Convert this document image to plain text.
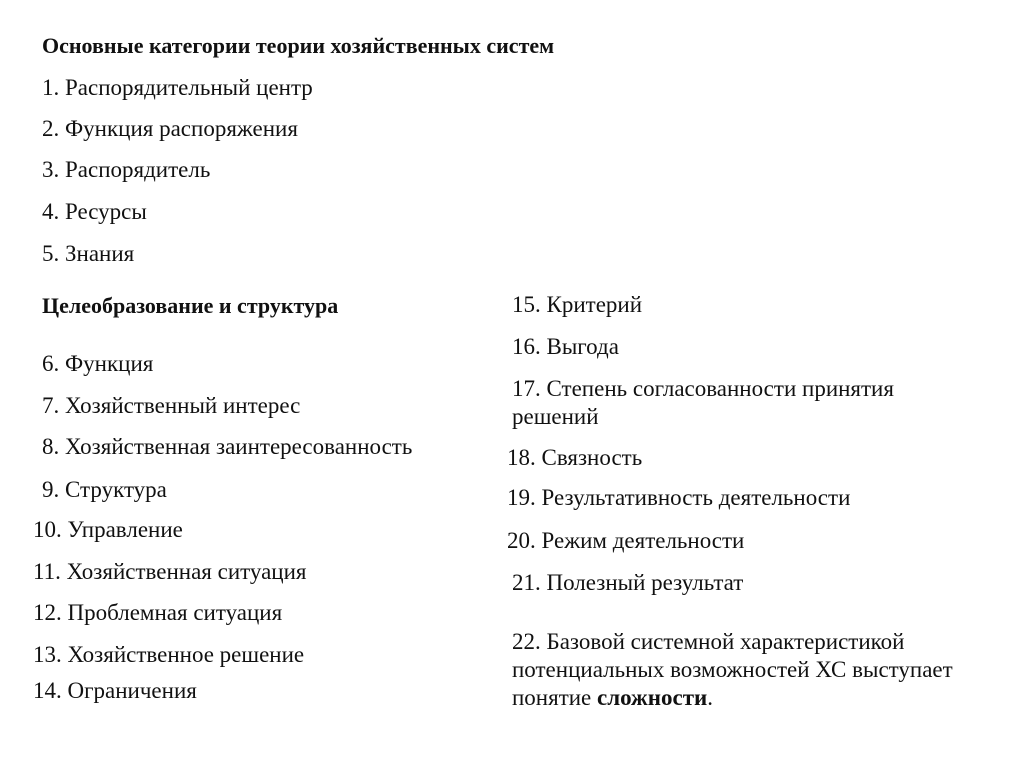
Основные категории теории хозяйственных систем
1. Распорядительный центр
2. Функция распоряжения
3. Распорядитель
4. Ресурсы
5. Знания
Целеобразование и структура
6. Функция
7. Хозяйственный интерес
8. Хозяйственная заинтересованность
9. Структура
10. Управление
11. Хозяйственная ситуация
12. Проблемная ситуация
13. Хозяйственное решение
14. Ограничения
15. Критерий
16. Выгода
17. Степень согласованности принятия решений
18. Связность
19. Результативность деятельности
20. Режим деятельности
21. Полезный результат
22. Базовой системной характеристикой потенциальных возможностей ХС выступает понятие сложности.
